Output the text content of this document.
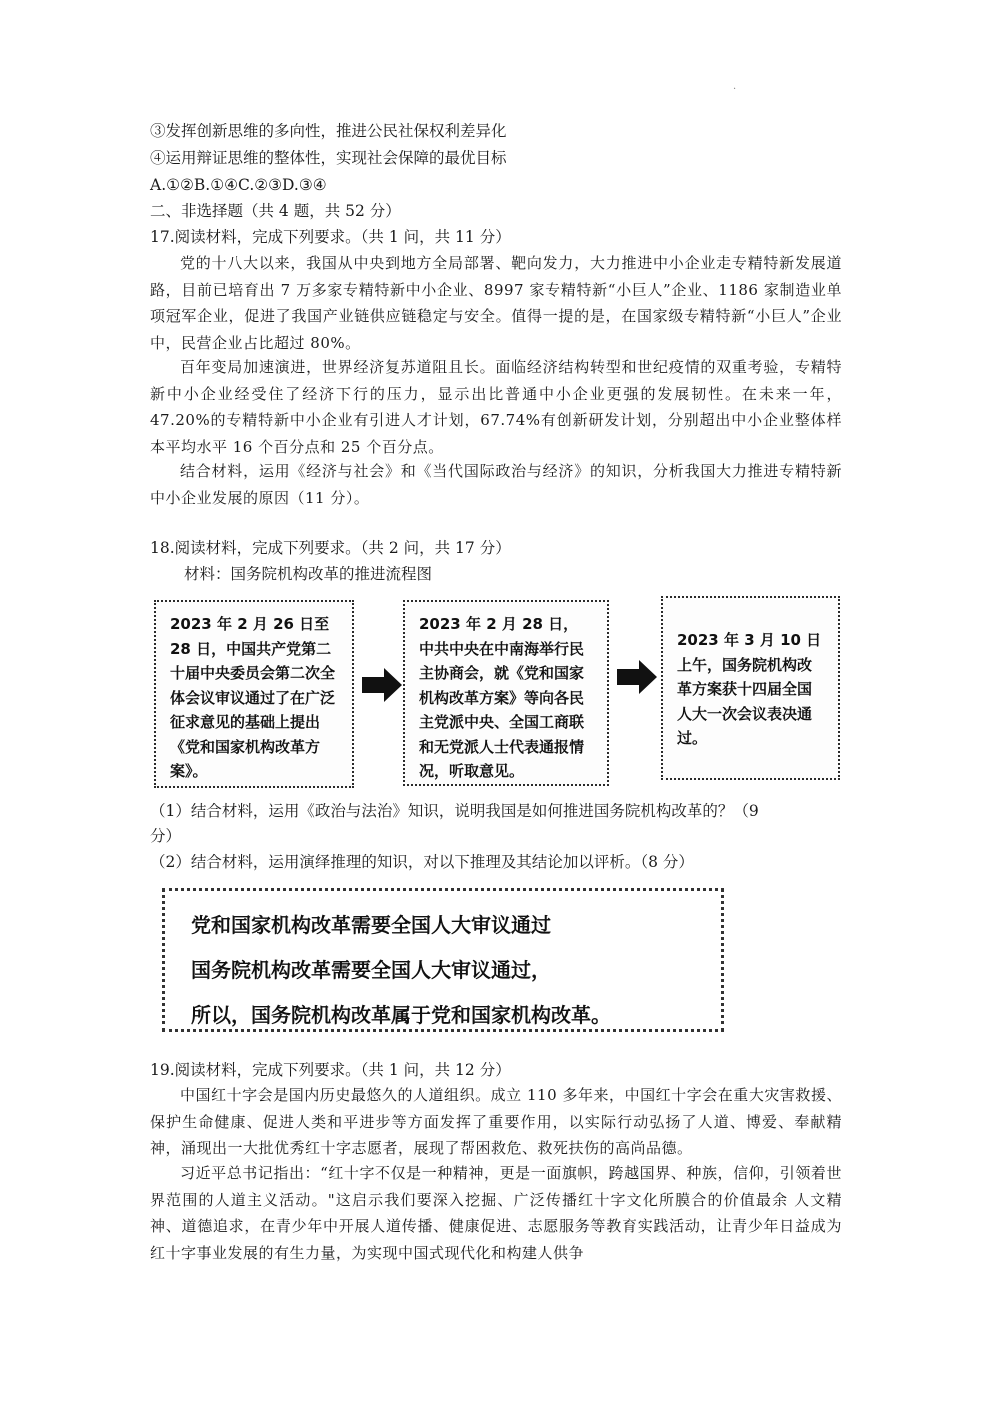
·
③发挥创新思维的多向性，推进公民社保权利差异化
④运用辩证思维的整体性，实现社会保障的最优目标
A.①②B.①④C.②③D.③④
二、非选择题（共 4 题，共 52 分）
17.阅读材料，完成下列要求。（共 1 问，共 11 分）
党的十八大以来，我国从中央到地方全局部署、靶向发力，大力推进中小企业走专精特新发展道路，目前已培育出 7 万多家专精特新中小企业、8997 家专精特新“小巨人”企业、1186 家制造业单项冠军企业，促进了我国产业链供应链稳定与安全。值得一提的是，在国家级专精特新“小巨人”企业中，民营企业占比超过 80%。
百年变局加速演进，世界经济复苏道阻且长。面临经济结构转型和世纪疫情的双重考验，专精特新中小企业经受住了经济下行的压力，显示出比普通中小企业更强的发展韧性。在未来一年，47.20%的专精特新中小企业有引进人才计划，67.74%有创新研发计划，分别超出中小企业整体样本平均水平 16 个百分点和 25 个百分点。
结合材料，运用《经济与社会》和《当代国际政治与经济》的知识，分析我国大力推进专精特新中小企业发展的原因（11 分）。
18.阅读材料，完成下列要求。（共 2 问，共 17 分）
材料：国务院机构改革的推进流程图
2023 年 2 月 26 日至 28 日，中国共产党第二十届中央委员会第二次全体会议审议通过了在广泛征求意见的基础上提出《党和国家机构改革方案》。
2023 年 2 月 28 日，中共中央在中南海举行民主协商会，就《党和国家机构改革方案》等向各民主党派中央、全国工商联和无党派人士代表通报情况，听取意见。
2023 年 3 月 10 日上午，国务院机构改革方案获十四届全国人大一次会议表决通过。
（1）结合材料，运用《政治与法治》知识，说明我国是如何推进国务院机构改革的？（9
分）
（2）结合材料，运用演绎推理的知识，对以下推理及其结论加以评析。（8 分）
党和国家机构改革需要全国人大审议通过
国务院机构改革需要全国人大审议通过，
所以，国务院机构改革属于党和国家机构改革。
19.阅读材料，完成下列要求。（共 1 问，共 12 分）
中国红十字会是国内历史最悠久的人道组织。成立 110 多年来，中国红十字会在重大灾害救援、保护生命健康、促进人类和平进步等方面发挥了重要作用，以实际行动弘扬了人道、博爱、奉献精神，涌现出一大批优秀红十字志愿者，展现了帮困救危、救死扶伤的高尚品德。
习近平总书记指出：“红十字不仅是一种精神，更是一面旗帜，跨越国界、种族，信仰，引领着世界范围的人道主义活动。"这启示我们要深入挖掘、广泛传播红十字文化所膜合的价值最余 人文精神、道德追求，在青少年中开展人道传播、健康促进、志愿服务等教育实践活动，让青少年日益成为红十字事业发展的有生力量，为实现中国式现代化和构建人供争
